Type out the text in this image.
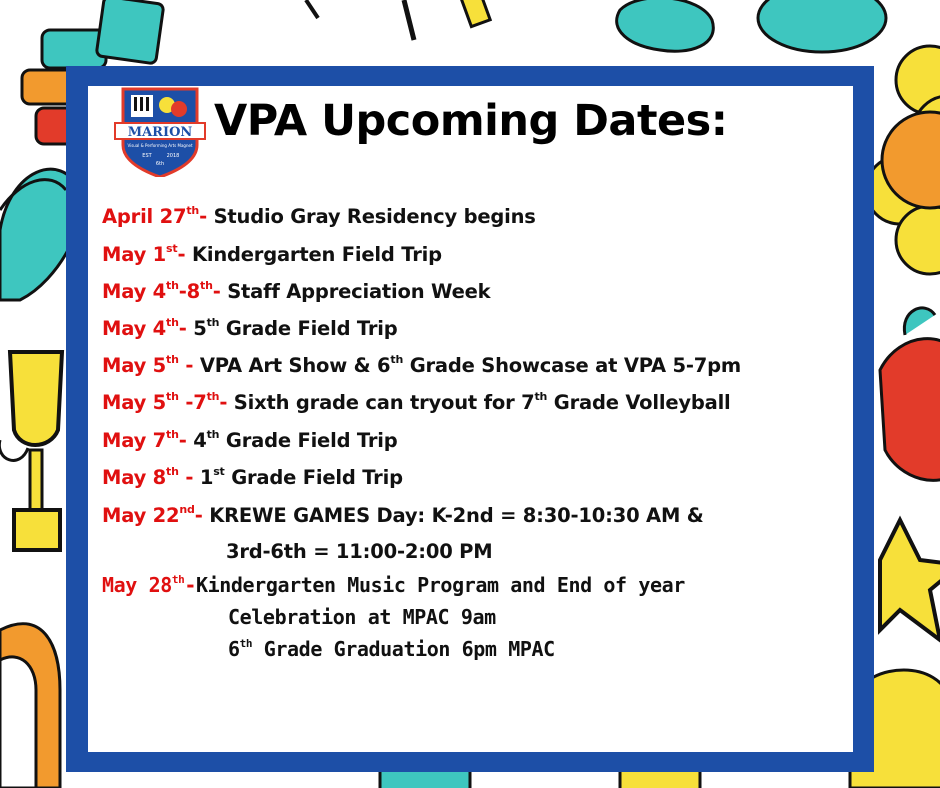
MARION
Visual & Performing Arts Magnet
EST	2018
6th
VPA Upcoming Dates:

April 27th- Studio Gray Residency begins

May 1st- Kindergarten Field Trip

May 4th-8th- Staff Appreciation Week

May 4th- 5th Grade Field Trip

May 5th - VPA Art Show & 6th Grade Showcase at VPA 5-7pm

May 5th -7th- Sixth grade can tryout for 7th Grade Volleyball

May 7th- 4th Grade Field Trip

May 8th - 1st Grade Field Trip

May 22nd- KREWE GAMES Day: K-2nd = 8:30-10:30 AM &

3rd-6th = 11:00-2:00 PM

May 28th-Kindergarten Music Program and End of year

Celebration at MPAC 9am

6th Grade Graduation 6pm MPAC
